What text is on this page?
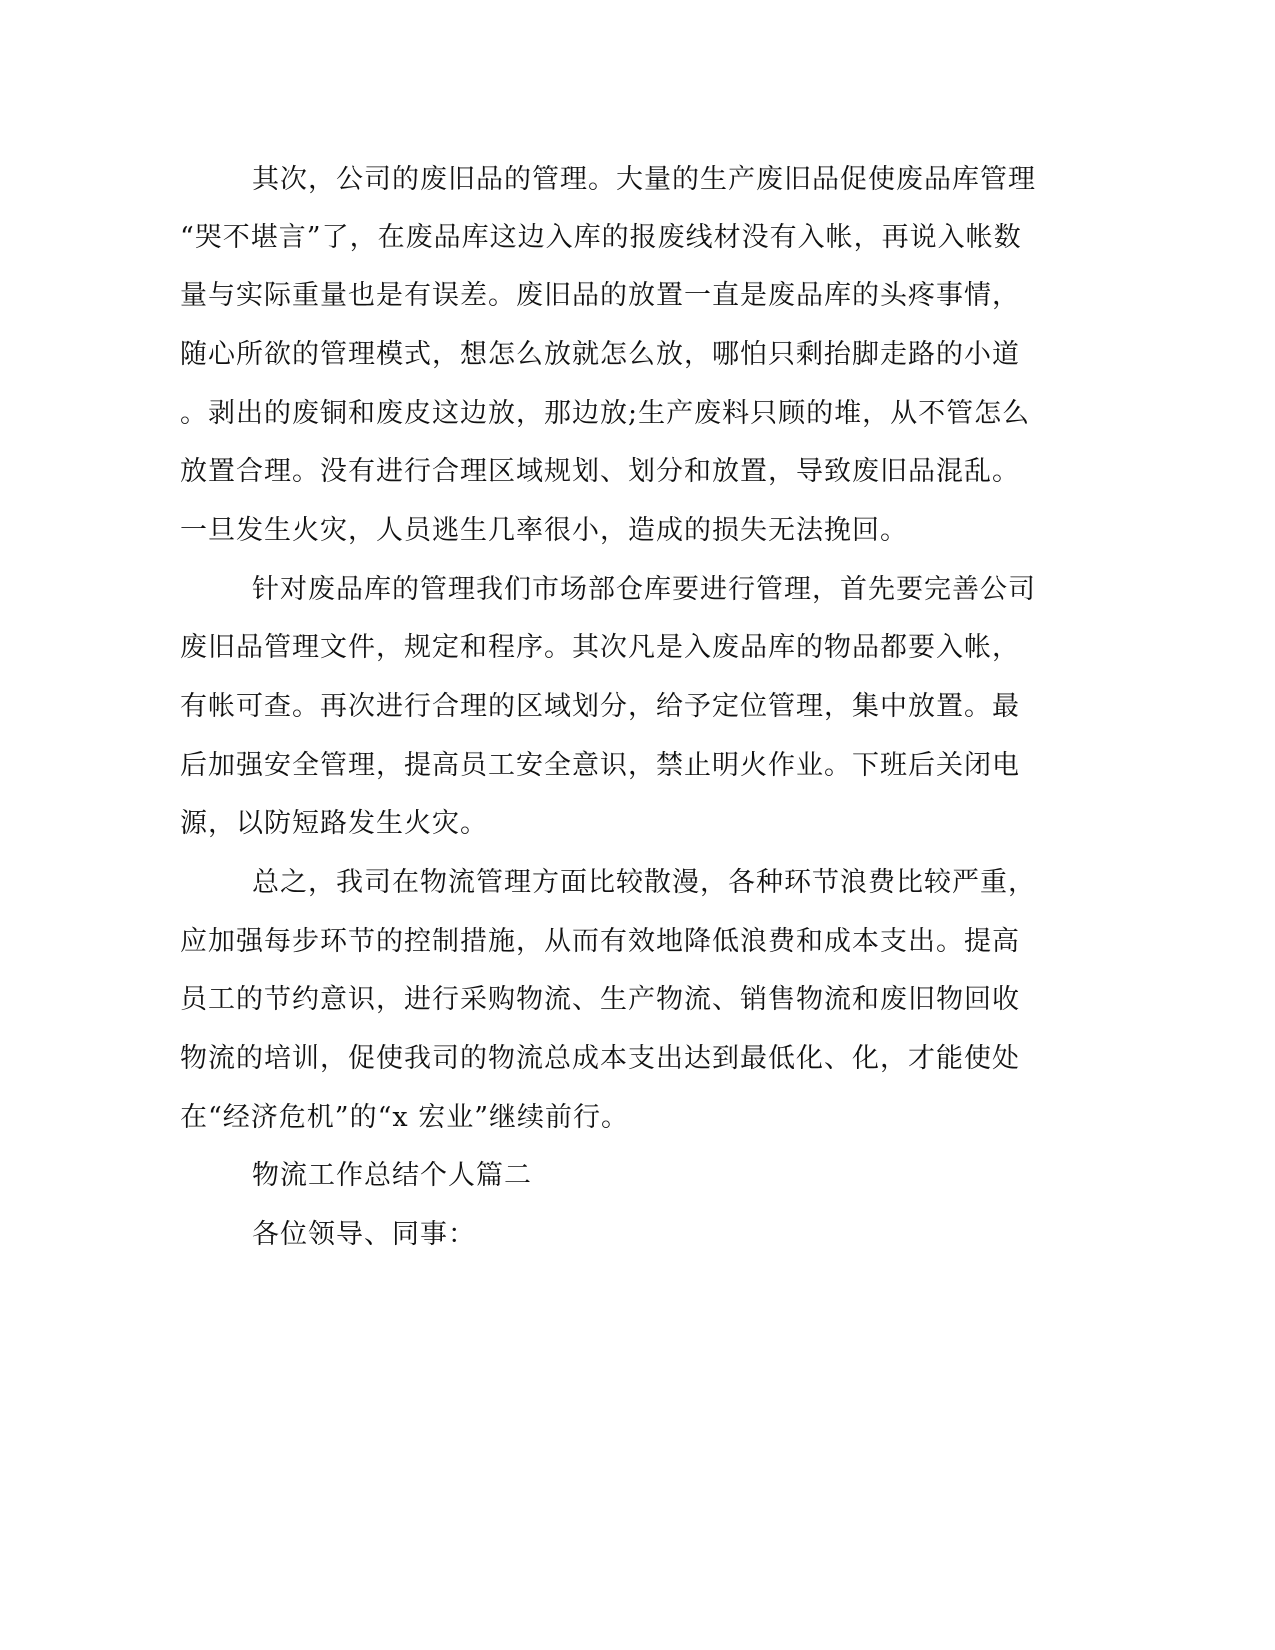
其次，公司的废旧品的管理。大量的生产废旧品促使废品库管理
“哭不堪言”了，在废品库这边入库的报废线材没有入帐，再说入帐数
量与实际重量也是有误差。废旧品的放置一直是废品库的头疼事情，
随心所欲的管理模式，想怎么放就怎么放，哪怕只剩抬脚走路的小道
。剥出的废铜和废皮这边放，那边放;生产废料只顾的堆，从不管怎么
放置合理。没有进行合理区域规划、划分和放置，导致废旧品混乱。
一旦发生火灾，人员逃生几率很小，造成的损失无法挽回。
针对废品库的管理我们市场部仓库要进行管理，首先要完善公司
废旧品管理文件，规定和程序。其次凡是入废品库的物品都要入帐，
有帐可查。再次进行合理的区域划分，给予定位管理，集中放置。最
后加强安全管理，提高员工安全意识，禁止明火作业。下班后关闭电
源，以防短路发生火灾。
总之，我司在物流管理方面比较散漫，各种环节浪费比较严重，
应加强每步环节的控制措施，从而有效地降低浪费和成本支出。提高
员工的节约意识，进行采购物流、生产物流、销售物流和废旧物回收
物流的培训，促使我司的物流总成本支出达到最低化、化，才能使处
在“经济危机”的“x 宏业”继续前行。
物流工作总结个人篇二
各位领导、同事：
